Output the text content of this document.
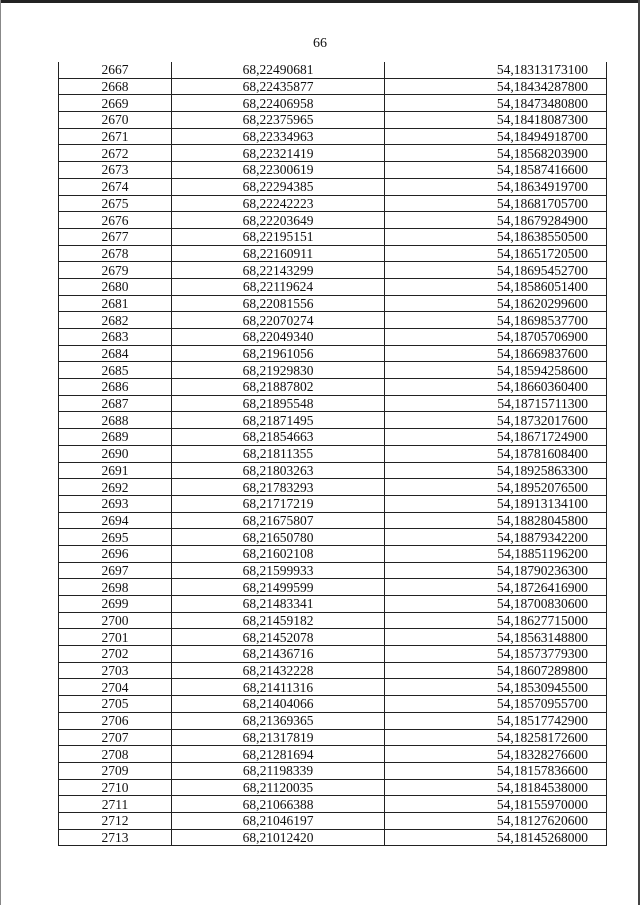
66
2667	68,22490681	54,18313173100
2668	68,22435877	54,18434287800
2669	68,22406958	54,18473480800
2670	68,22375965	54,18418087300
2671	68,22334963	54,18494918700
2672	68,22321419	54,18568203900
2673	68,22300619	54,18587416600
2674	68,22294385	54,18634919700
2675	68,22242223	54,18681705700
2676	68,22203649	54,18679284900
2677	68,22195151	54,18638550500
2678	68,22160911	54,18651720500
2679	68,22143299	54,18695452700
2680	68,22119624	54,18586051400
2681	68,22081556	54,18620299600
2682	68,22070274	54,18698537700
2683	68,22049340	54,18705706900
2684	68,21961056	54,18669837600
2685	68,21929830	54,18594258600
2686	68,21887802	54,18660360400
2687	68,21895548	54,18715711300
2688	68,21871495	54,18732017600
2689	68,21854663	54,18671724900
2690	68,21811355	54,18781608400
2691	68,21803263	54,18925863300
2692	68,21783293	54,18952076500
2693	68,21717219	54,18913134100
2694	68,21675807	54,18828045800
2695	68,21650780	54,18879342200
2696	68,21602108	54,18851196200
2697	68,21599933	54,18790236300
2698	68,21499599	54,18726416900
2699	68,21483341	54,18700830600
2700	68,21459182	54,18627715000
2701	68,21452078	54,18563148800
2702	68,21436716	54,18573779300
2703	68,21432228	54,18607289800
2704	68,21411316	54,18530945500
2705	68,21404066	54,18570955700
2706	68,21369365	54,18517742900
2707	68,21317819	54,18258172600
2708	68,21281694	54,18328276600
2709	68,21198339	54,18157836600
2710	68,21120035	54,18184538000
2711	68,21066388	54,18155970000
2712	68,21046197	54,18127620600
2713	68,21012420	54,18145268000
